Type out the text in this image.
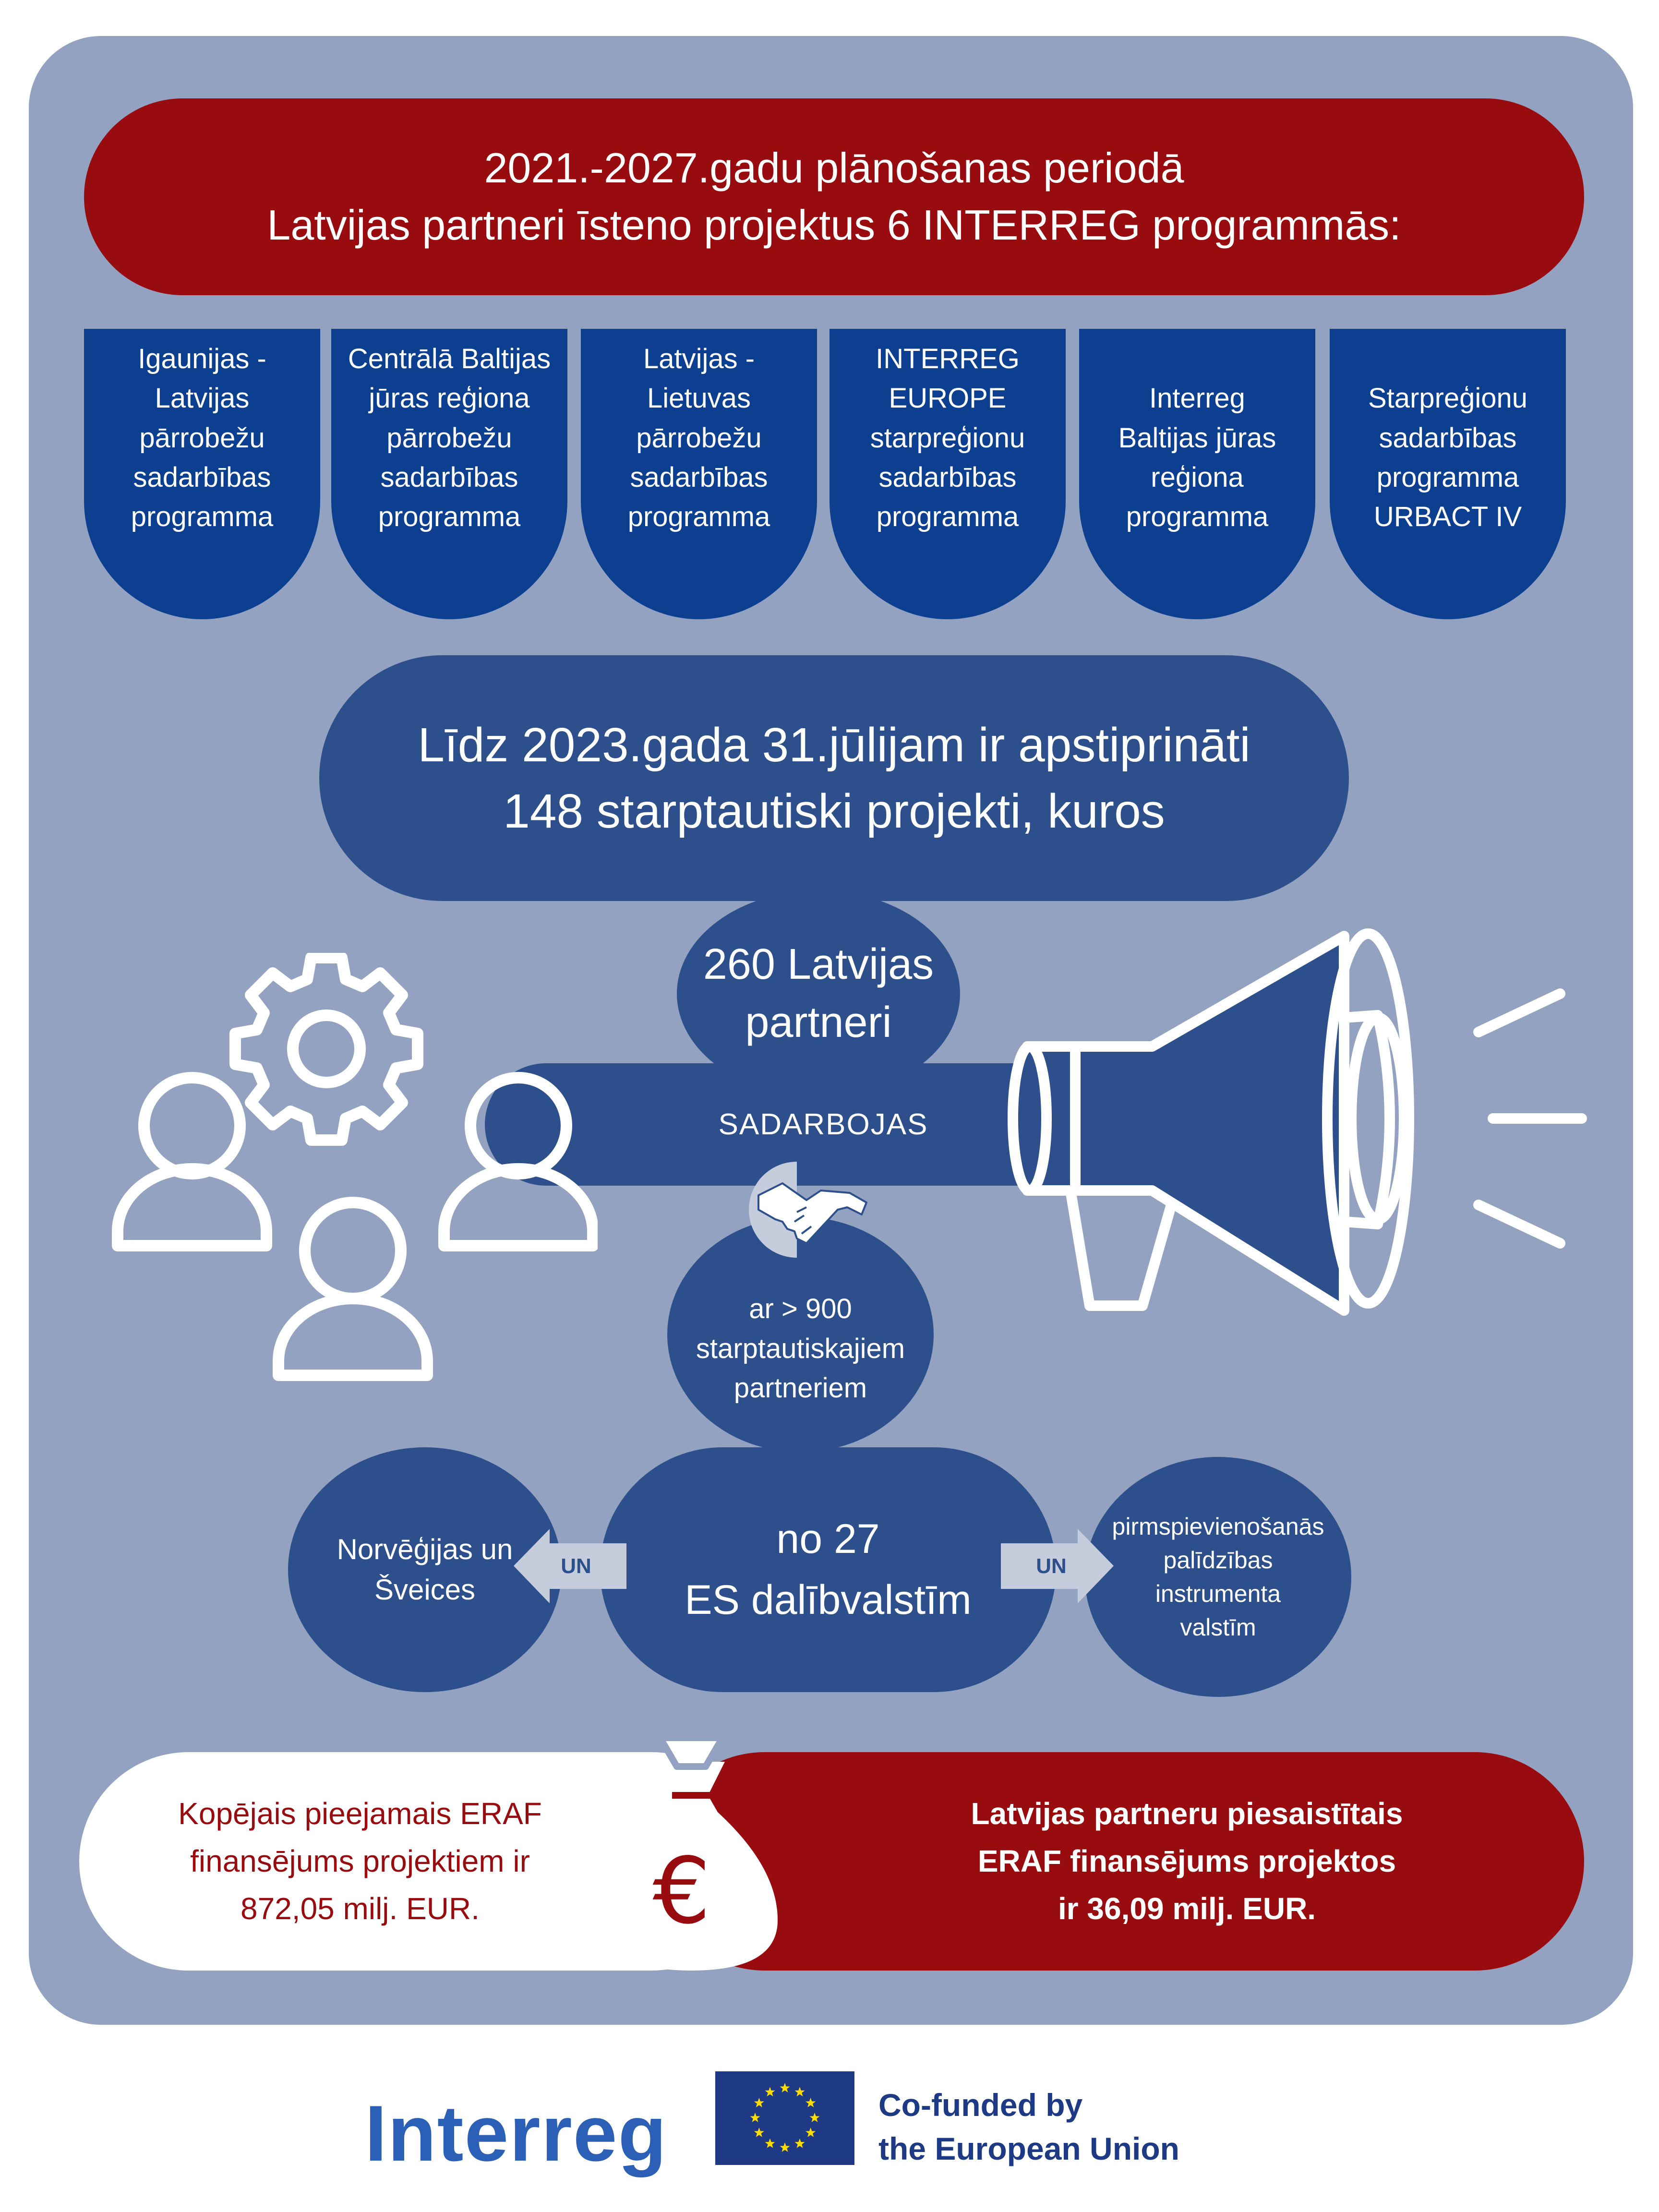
2021.-2027.gadu plānošanas periodā
Latvijas partneri īsteno projektus 6 INTERREG programmās:
Igaunijas -
Latvijas
pārrobežu
sadarbības
programma
Centrālā Baltijas
jūras reģiona
pārrobežu
sadarbības
programma
Latvijas -
Lietuvas
pārrobežu
sadarbības
programma
INTERREG
EUROPE
starpreģionu
sadarbības
programma

Interreg
Baltijas jūras
reģiona
programma

Starpreģionu
sadarbības
programma
URBACT IV
Līdz 2023.gada 31.jūlijam ir apstiprināti
148 starptautiski projekti, kuros
SADARBOJAS
260 Latvijas
partneri
ar > 900
starptautiskajiem
partneriem
no 27
ES dalībvalstīm
Norvēģijas un
Šveices
pirmspievienošanās
palīdzības
instrumenta
valstīm
UN	UN
Kopējais pieejamais ERAF
finansējums projektiem ir
872,05 milj. EUR.
Latvijas partneru piesaistītais
ERAF finansējums projektos
ir 36,09 milj. EUR.
€
Interreg	Co-funded by
the European Union
